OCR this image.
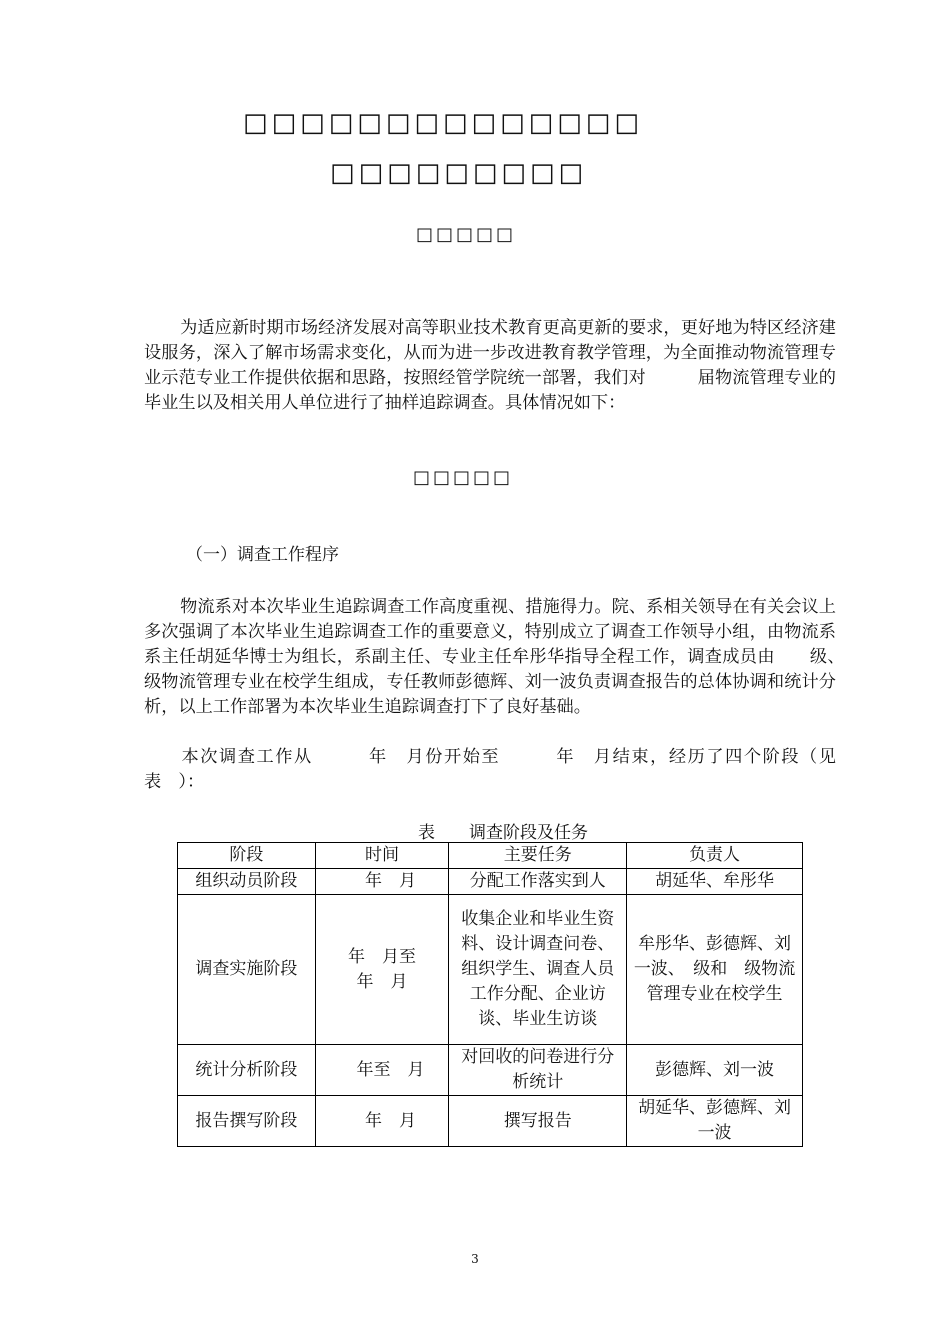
□□□□□□□□□□□□□□
□□□□□□□□□
□□□□□
为适应新时期市场经济发展对高等职业技术教育更高更新的要求，更好地为特区经济建设服务，深入了解市场需求变化，从而为进一步改进教育教学管理，为全面推动物流管理专业示范专业工作提供依据和思路，按照经管学院统一部署，我们对　　　届物流管理专业的毕业生以及相关用人单位进行了抽样追踪调查。具体情况如下：
□□□□□
（一）调查工作程序
物流系对本次毕业生追踪调查工作高度重视、措施得力。院、系相关领导在有关会议上多次强调了本次毕业生追踪调查工作的重要意义，特别成立了调查工作领导小组，由物流系系主任胡延华博士为组长，系副主任、专业主任牟彤华指导全程工作，调查成员由　　级、　　级物流管理专业在校学生组成，专任教师彭德辉、刘一波负责调查报告的总体协调和统计分析，以上工作部署为本次毕业生追踪调查打下了良好基础。
本次调查工作从　　　年　月份开始至　　　年　月结束，经历了四个阶段（见表　）：
表　　调查阶段及任务
阶段	时间	主要任务	负责人
组织动员阶段	　年　月	分配工作落实到人	胡延华、牟彤华
调查实施阶段	年　月至
年　月	收集企业和毕业生资料、设计调查问卷、组织学生、调查人员工作分配、企业访谈、毕业生访谈	牟彤华、彭德辉、刘一波、　级和　级物流管理专业在校学生
统计分析阶段	　年至　月	对回收的问卷进行分析统计	彭德辉、刘一波
报告撰写阶段	　年　月	撰写报告	胡延华、彭德辉、刘一波
3
